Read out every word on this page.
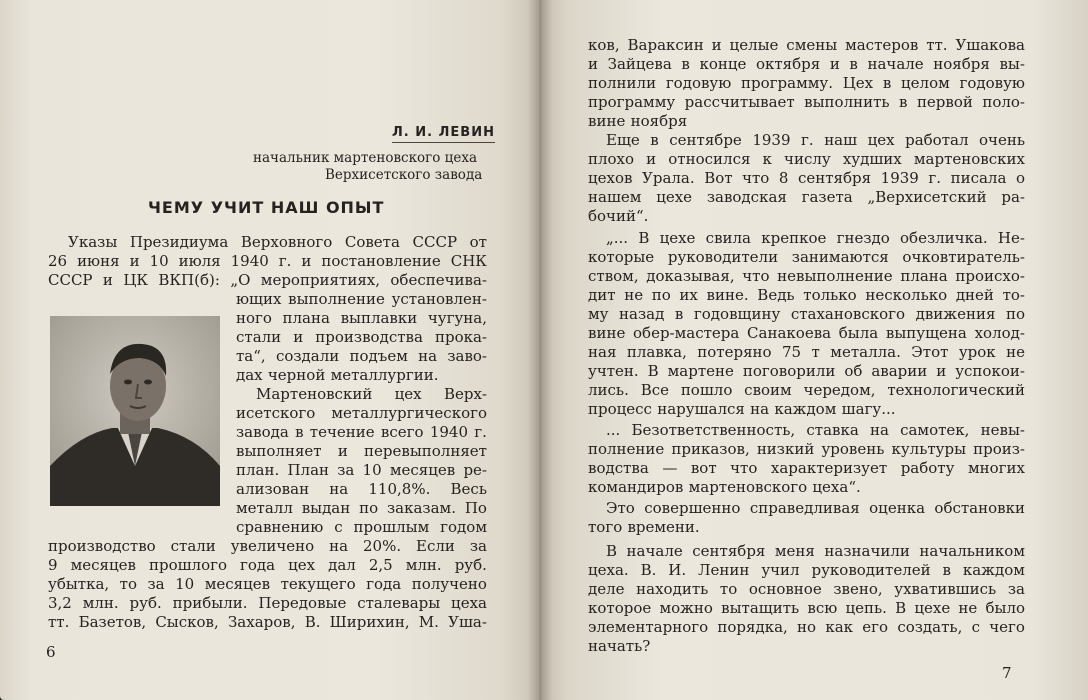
Л. И. ЛЕВИН
начальник мартеновского цеха
Верхисетского завода
ЧЕМУ УЧИТ НАШ ОПЫТ
Указы Президиума Верховного Совета СССР от
26 июня и 10 июля 1940 г. и постановление СНК
СССР и ЦК ВКП(б): „О мероприятиях, обеспечива-
ющих выполнение установлен-
ного плана выплавки чугуна,
стали и производства прока-
та“, создали подъем на заво-
дах черной металлургии.
Мартеновский цех Верх-
исетского металлургического
завода в течение всего 1940 г.
выполняет и перевыполняет
план. План за 10 месяцев ре-
ализован на 110,8%. Весь
металл выдан по заказам. По
сравнению с прошлым годом
производство стали увеличено на 20%. Если за
9 месяцев прошлого года цех дал 2,5 млн. руб.
убытка, то за 10 месяцев текущего года получено
3,2 млн. руб. прибыли. Передовые сталевары цеха
тт. Базетов, Сысков, Захаров, В. Ширихин, М. Уша-
6
ков, Вараксин и целые смены мастеров тт. Ушакова
и Зайцева в конце октября и в начале ноября вы-
полнили годовую программу. Цех в целом годовую
программу рассчитывает выполнить в первой поло-
вине ноября
Еще в сентябре 1939 г. наш цех работал очень
плохо и относился к числу худших мартеновских
цехов Урала. Вот что 8 сентября 1939 г. писала о
нашем цехе заводская газета „Верхисетский ра-
бочий“.
„... В цехе свила крепкое гнездо обезличка. Не-
которые руководители занимаются очковтиратель-
ством, доказывая, что невыполнение плана происхо-
дит не по их вине. Ведь только несколько дней то-
му назад в годовщину стахановского движения по
вине обер-мастера Санакоева была выпущена холод-
ная плавка, потеряно 75 т металла. Этот урок не
учтен. В мартене поговорили об аварии и успокои-
лись. Все пошло своим чередом, технологический
процесс нарушался на каждом шагу...
... Безответственность, ставка на самотек, невы-
полнение приказов, низкий уровень культуры произ-
водства — вот что характеризует работу многих
командиров мартеновского цеха“.
Это совершенно справедливая оценка обстановки
того времени.
В начале сентября меня назначили начальником
цеха. В. И. Ленин учил руководителей в каждом
деле находить то основное звено, ухватившись за
которое можно вытащить всю цепь. В цехе не было
элементарного порядка, но как его создать, с чего
начать?
7
